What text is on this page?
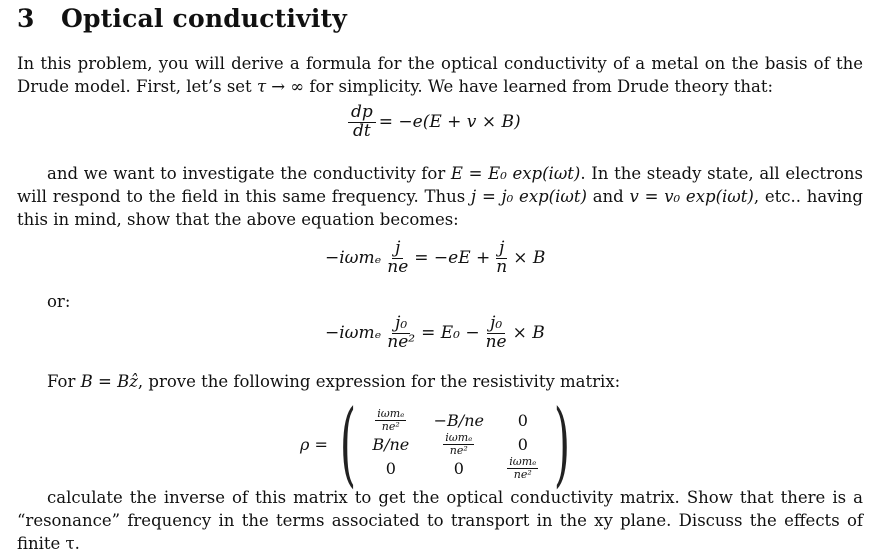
3 Optical conductivity
In this problem, you will derive a formula for the optical conductivity of a metal on the basis of the Drude model. First, let’s set τ → ∞ for simplicity. We have learned from Drude theory that:
$\frac{dp}{dt} = -e(E + v \times B)$
and we want to investigate the conductivity for E = E₀ exp(iωt). In the steady state, all electrons will respond to the field in this same frequency. Thus j = j₀ exp(iωt) and v = v₀ exp(iωt), etc.. having this in mind, show that the above equation becomes:
$-i\omega m_e \frac{j}{ne} = -eE + \frac{j}{n} \times B$
or:
$-i\omega m_e \frac{\text{j₀}}{\text{ne²}} = E_0 - \frac{\text{j₀}}{ne} \times B$
For B = Bẑ, prove the following expression for the resistivity matrix:
ρ = ( $\frac{\text{iωmₑ}}{\text{ne²}} -B/ne$ 0
B/ne	$\frac{\text{iωmₑ}}{\text{ne²}}$	0
0	0	$\frac{\text{iωmₑ}}{\text{ne²}}$ )
calculate the inverse of this matrix to get the optical conductivity matrix. Show that there is a “resonance” frequency in the terms associated to transport in the xy plane. Discuss the effects of finite τ.
